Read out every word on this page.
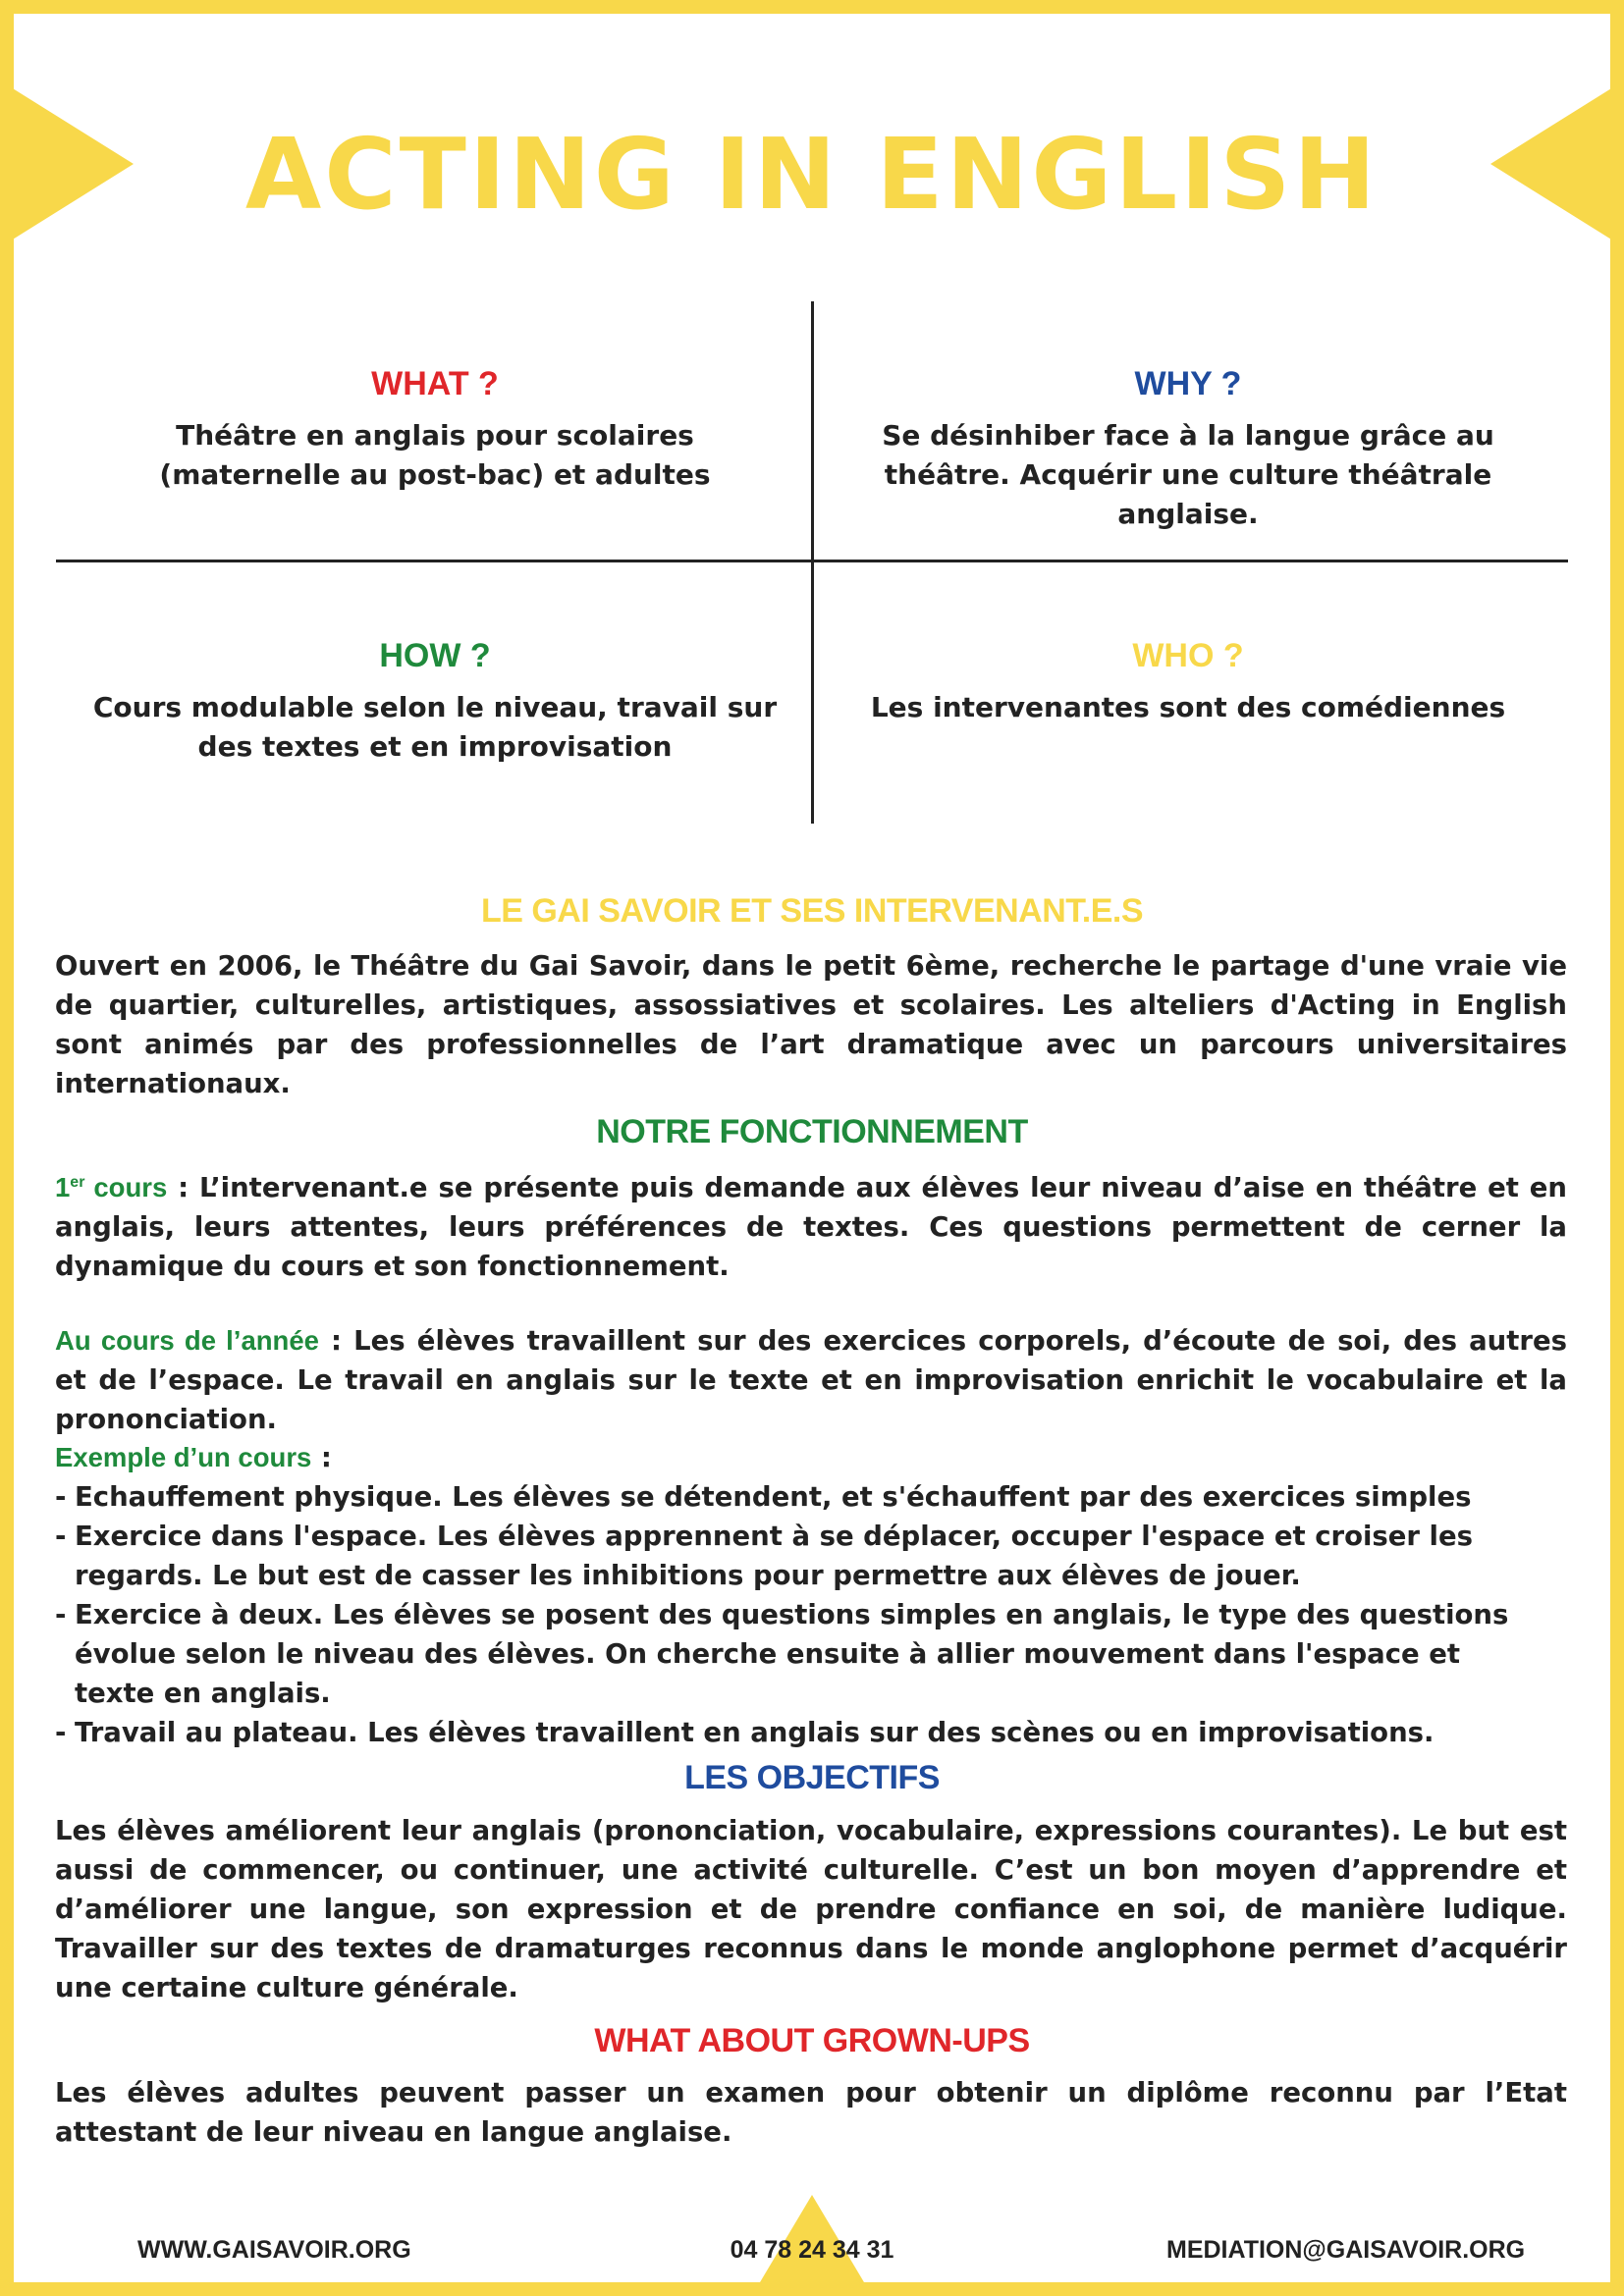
ACTING IN ENGLISH
WHAT ?

Théâtre en anglais pour scolaires (maternelle au post-bac) et adultes

WHY ?

Se désinhiber face à la langue grâce au théâtre. Acquérir une culture théâtrale anglaise.

HOW ?

Cours modulable selon le niveau, travail sur des textes et en improvisation

WHO ?

Les intervenantes sont des comédiennes

LE GAI SAVOIR ET SES INTERVENANT.E.S

Ouvert en 2006, le Théâtre du Gai Savoir, dans le petit 6ème, recherche le partage d'une vraie vie de quartier, culturelles, artistiques, assossiatives et scolaires. Les alteliers d'Acting in English sont animés par des professionnelles de l’art dramatique avec un parcours universitaires internationaux.

NOTRE FONCTIONNEMENT

1er cours : L’intervenant.e se présente puis demande aux élèves leur niveau d’aise en théâtre et en anglais, leurs attentes, leurs préférences de textes. Ces questions permettent de cerner la dynamique du cours et son fonctionnement.

Au cours de l’année : Les élèves travaillent sur des exercices corporels, d’écoute de soi, des autres et de l’espace. Le travail en anglais sur le texte et en improvisation enrichit le vocabulaire et la prononciation.

Exemple d’un cours :

- Echauffement physique. Les élèves se détendent, et s'échauffent par des exercices simples
- Exercice dans l'espace. Les élèves apprennent à se déplacer, occuper l'espace et croiser les regards. Le but est de casser les inhibitions pour permettre aux élèves de jouer.
- Exercice à deux. Les élèves se posent des questions simples en anglais, le type des questions évolue selon le niveau des élèves. On cherche ensuite à allier mouvement dans l'espace et texte en anglais.
- Travail au plateau. Les élèves travaillent en anglais sur des scènes ou en improvisations.
LES OBJECTIFS

Les élèves améliorent leur anglais (prononciation, vocabulaire, expressions courantes). Le but est aussi de commencer, ou continuer, une activité culturelle. C’est un bon moyen d’apprendre et d’améliorer une langue, son expression et de prendre confiance en soi, de manière ludique. Travailler sur des textes de dramaturges reconnus dans le monde anglophone permet d’acquérir une certaine culture générale.

WHAT ABOUT GROWN-UPS

Les élèves adultes peuvent passer un examen pour obtenir un diplôme reconnu par l’Etat attestant de leur niveau en langue anglaise.

WWW.GAISAVOIR.ORG	04 78 24 34 31	MEDIATION@GAISAVOIR.ORG
